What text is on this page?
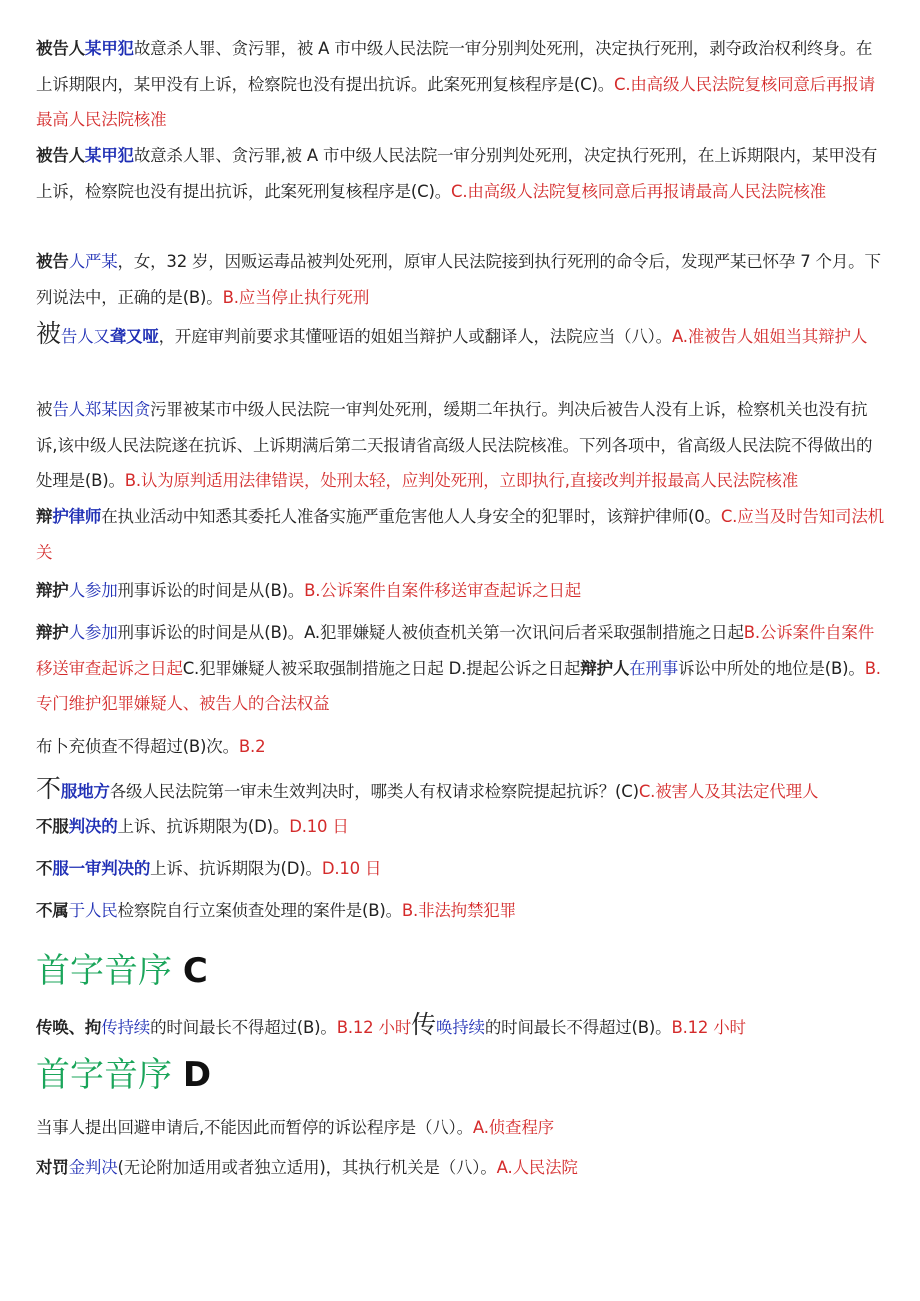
被告人某甲犯故意杀人罪、贪污罪，被 A 市中级人民法院一审分别判处死刑，决定执行死刑，剥夺政治权利终身。在上诉期限内，某甲没有上诉，检察院也没有提出抗诉。此案死刑复核程序是(C)。C.由高级人民法院复核同意后再报请最高人民法院核准

被告人某甲犯故意杀人罪、贪污罪,被 A 市中级人民法院一审分别判处死刑，决定执行死刑，在上诉期限内，某甲没有上诉，检察院也没有提出抗诉，此案死刑复核程序是(C)。C.由高级人法院复核同意后再报请最高人民法院核准

被告人严某，女，32 岁，因贩运毒品被判处死刑，原审人民法院接到执行死刑的命令后，发现严某已怀孕 7 个月。下列说法中，正确的是(B)。B.应当停止执行死刑

被告人又聋又哑，开庭审判前要求其懂哑语的姐姐当辩护人或翻译人，法院应当（八）。A.准被告人姐姐当其辩护人

被告人郑某因贪污罪被某市中级人民法院一审判处死刑，缓期二年执行。判决后被告人没有上诉，检察机关也没有抗诉,该中级人民法院遂在抗诉、上诉期满后第二天报请省高级人民法院核准。下列各项中，省高级人民法院不得做出的处理是(B)。B.认为原判适用法律错误，处刑太轻，应判处死刑，立即执行,直接改判并报最高人民法院核准

辩护律师在执业活动中知悉其委托人准备实施严重危害他人人身安全的犯罪时，该辩护律师(0。C.应当及时告知司法机关

辩护人参加刑事诉讼的时间是从(B)。B.公诉案件自案件移送审查起诉之日起

辩护人参加刑事诉讼的时间是从(B)。A.犯罪嫌疑人被侦查机关第一次讯问后者采取强制措施之日起B.公诉案件自案件移送审查起诉之日起C.犯罪嫌疑人被采取强制措施之日起 D.提起公诉之日起辩护人在刑事诉讼中所处的地位是(B)。B.专门维护犯罪嫌疑人、被告人的合法权益

布卜充侦查不得超过(B)次。B.2

不服地方各级人民法院第一审未生效判决时，哪类人有权请求检察院提起抗诉？(C)C.被害人及其法定代理人

不服判决的上诉、抗诉期限为(D)。D.10 日

不服一审判决的上诉、抗诉期限为(D)。D.10 日

不属于人民检察院自行立案侦查处理的案件是(B)。B.非法拘禁犯罪

首字音序 C

传唤、拘传持续的时间最长不得超过(B)。B.12 小时传唤持续的时间最长不得超过(B)。B.12 小时

首字音序 D

当事人提出回避申请后,不能因此而暂停的诉讼程序是（八）。A.侦查程序

对罚金判决(无论附加适用或者独立适用)，其执行机关是（八）。A.人民法院
